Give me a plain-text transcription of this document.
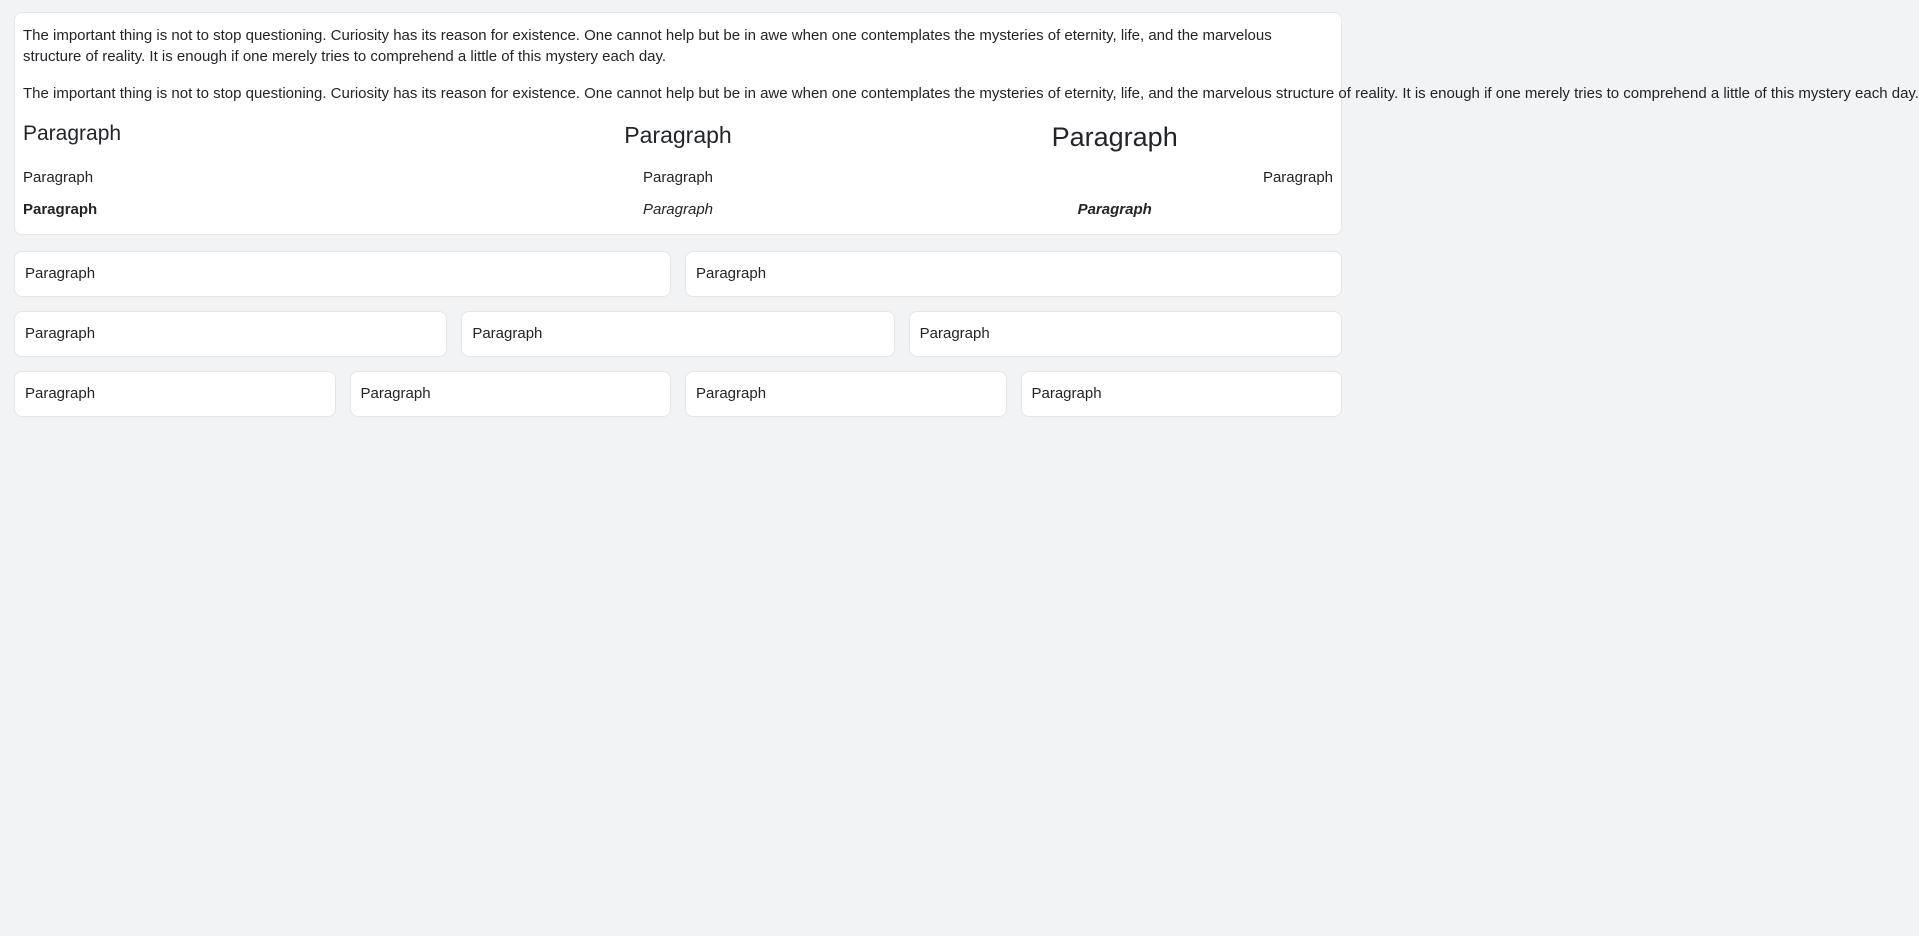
The important thing is not to stop questioning. Curiosity has its reason for existence. One cannot help but be in awe when one contemplates the mysteries of eternity, life, and the marvelous structure of reality. It is enough if one merely tries to comprehend a little of this mystery each day.

The important thing is not to stop questioning. Curiosity has its reason for existence. One cannot help but be in awe when one contemplates the mysteries of eternity, life, and the marvelous structure of reality. It is enough if one merely tries to comprehend a little of this mystery each day.

Paragraph	Paragraph	Paragraph
Paragraph	Paragraph	Paragraph
Paragraph	Paragraph	Paragraph
Paragraph	Paragraph
Paragraph	Paragraph	Paragraph
Paragraph	Paragraph	Paragraph	Paragraph
